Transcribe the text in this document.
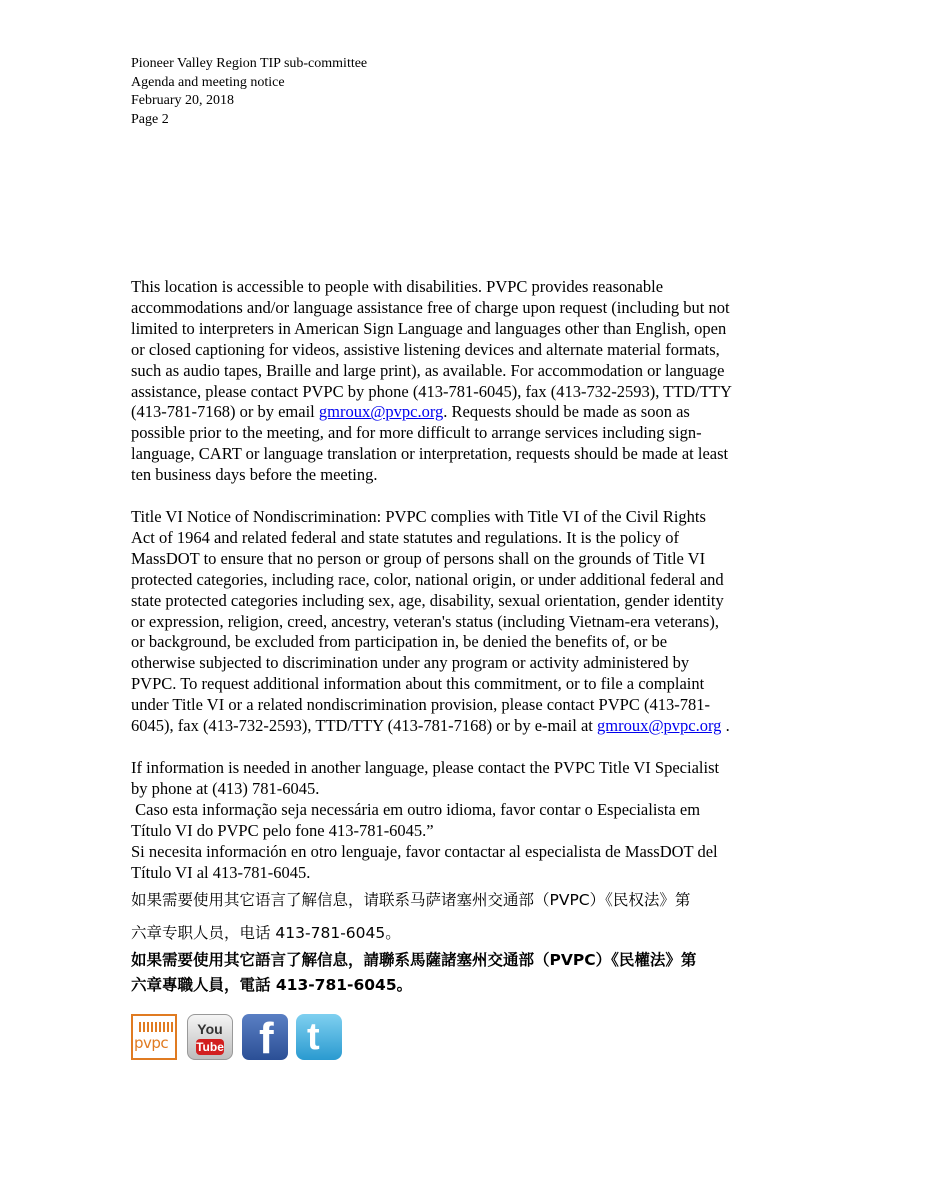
Pioneer Valley Region TIP sub-committee
Agenda and meeting notice
February 20, 2018
Page 2

This location is accessible to people with disabilities. PVPC provides reasonable
accommodations and/or language assistance free of charge upon request (including but not
limited to interpreters in American Sign Language and languages other than English, open
or closed captioning for videos, assistive listening devices and alternate material formats,
such as audio tapes, Braille and large print), as available. For accommodation or language
assistance, please contact PVPC by phone (413-781-6045), fax (413-732-2593), TTD/TTY
(413-781-7168) or by email gmroux@pvpc.org. Requests should be made as soon as
possible prior to the meeting, and for more difficult to arrange services including sign-
language, CART or language translation or interpretation, requests should be made at least
ten business days before the meeting.

Title VI Notice of Nondiscrimination: PVPC complies with Title VI of the Civil Rights
Act of 1964 and related federal and state statutes and regulations. It is the policy of
MassDOT to ensure that no person or group of persons shall on the grounds of Title VI
protected categories, including race, color, national origin, or under additional federal and
state protected categories including sex, age, disability, sexual orientation, gender identity
or expression, religion, creed, ancestry, veteran's status (including Vietnam-era veterans),
or background, be excluded from participation in, be denied the benefits of, or be
otherwise subjected to discrimination under any program or activity administered by
PVPC. To request additional information about this commitment, or to file a complaint
under Title VI or a related nondiscrimination provision, please contact PVPC (413-781-
6045), fax (413-732-2593), TTD/TTY (413-781-7168) or by e-mail at gmroux@pvpc.org .

If information is needed in another language, please contact the PVPC Title VI Specialist
by phone at (413) 781-6045.
Caso esta informação seja necessária em outro idioma, favor contar o Especialista em
Título VI do PVPC pelo fone 413-781-6045.”
Si necesita información en otro lenguaje, favor contactar al especialista de MassDOT del
Título VI al 413-781-6045.

如果需要使用其它语言了解信息，请联系马萨诸塞州交通部（PVPC）《民权法》第
六章专职人员，电话 413-781-6045。
如果需要使用其它語言了解信息，請聯系馬薩諸塞州交通部（PVPC）《民權法》第
六章專職人員，電話 413-781-6045。
pvpc
You
Tube f t
